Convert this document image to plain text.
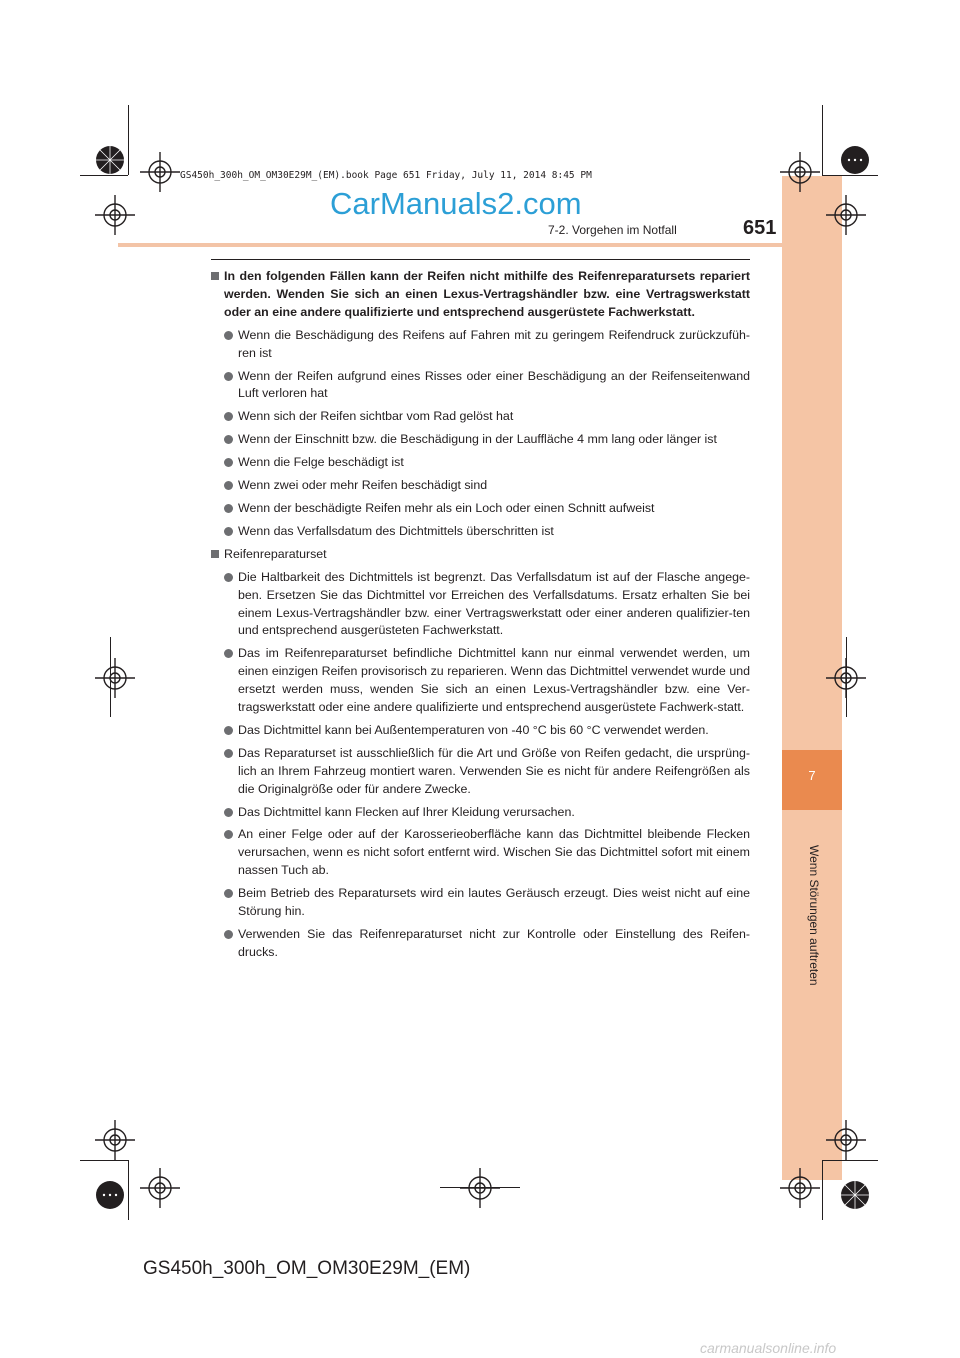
7
Wenn Störungen auftreten
GS450h_300h_OM_OM30E29M_(EM).book Page 651 Friday, July 11, 2014 8:45 PM
CarManuals2.com
7-2. Vorgehen im Notfall	651
In den folgenden Fällen kann der Reifen nicht mithilfe des Reifenreparatursets repariert werden. Wenden Sie sich an einen Lexus-Vertragshändler bzw. eine Vertragswerkstatt oder an eine andere qualifizierte und entsprechend ausgerüstete Fachwerkstatt.
Wenn die Beschädigung des Reifens auf Fahren mit zu geringem Reifendruck zurückzufüh-ren ist
Wenn der Reifen aufgrund eines Risses oder einer Beschädigung an der Reifenseitenwand Luft verloren hat
Wenn sich der Reifen sichtbar vom Rad gelöst hat
Wenn der Einschnitt bzw. die Beschädigung in der Lauffläche 4 mm lang oder länger ist
Wenn die Felge beschädigt ist
Wenn zwei oder mehr Reifen beschädigt sind
Wenn der beschädigte Reifen mehr als ein Loch oder einen Schnitt aufweist
Wenn das Verfallsdatum des Dichtmittels überschritten ist
Reifenreparaturset
Die Haltbarkeit des Dichtmittels ist begrenzt. Das Verfallsdatum ist auf der Flasche angege-ben. Ersetzen Sie das Dichtmittel vor Erreichen des Verfallsdatums. Ersatz erhalten Sie bei einem Lexus-Vertragshändler bzw. einer Vertragswerkstatt oder einer anderen qualifizier-ten und entsprechend ausgerüsteten Fachwerkstatt.
Das im Reifenreparaturset befindliche Dichtmittel kann nur einmal verwendet werden, um einen einzigen Reifen provisorisch zu reparieren. Wenn das Dichtmittel verwendet wurde und ersetzt werden muss, wenden Sie sich an einen Lexus-Vertragshändler bzw. eine Ver-tragswerkstatt oder eine andere qualifizierte und entsprechend ausgerüstete Fachwerk-statt.
Das Dichtmittel kann bei Außentemperaturen von -40 °C bis 60 °C verwendet werden.
Das Reparaturset ist ausschließlich für die Art und Größe von Reifen gedacht, die ursprüng-lich an Ihrem Fahrzeug montiert waren. Verwenden Sie es nicht für andere Reifengrößen als die Originalgröße oder für andere Zwecke.
Das Dichtmittel kann Flecken auf Ihrer Kleidung verursachen.
An einer Felge oder auf der Karosserieoberfläche kann das Dichtmittel bleibende Flecken verursachen, wenn es nicht sofort entfernt wird. Wischen Sie das Dichtmittel sofort mit einem nassen Tuch ab.
Beim Betrieb des Reparatursets wird ein lautes Geräusch erzeugt. Dies weist nicht auf eine Störung hin.
Verwenden Sie das Reifenreparaturset nicht zur Kontrolle oder Einstellung des Reifen-drucks.
GS450h_300h_OM_OM30E29M_(EM)
carmanualsonline.info
